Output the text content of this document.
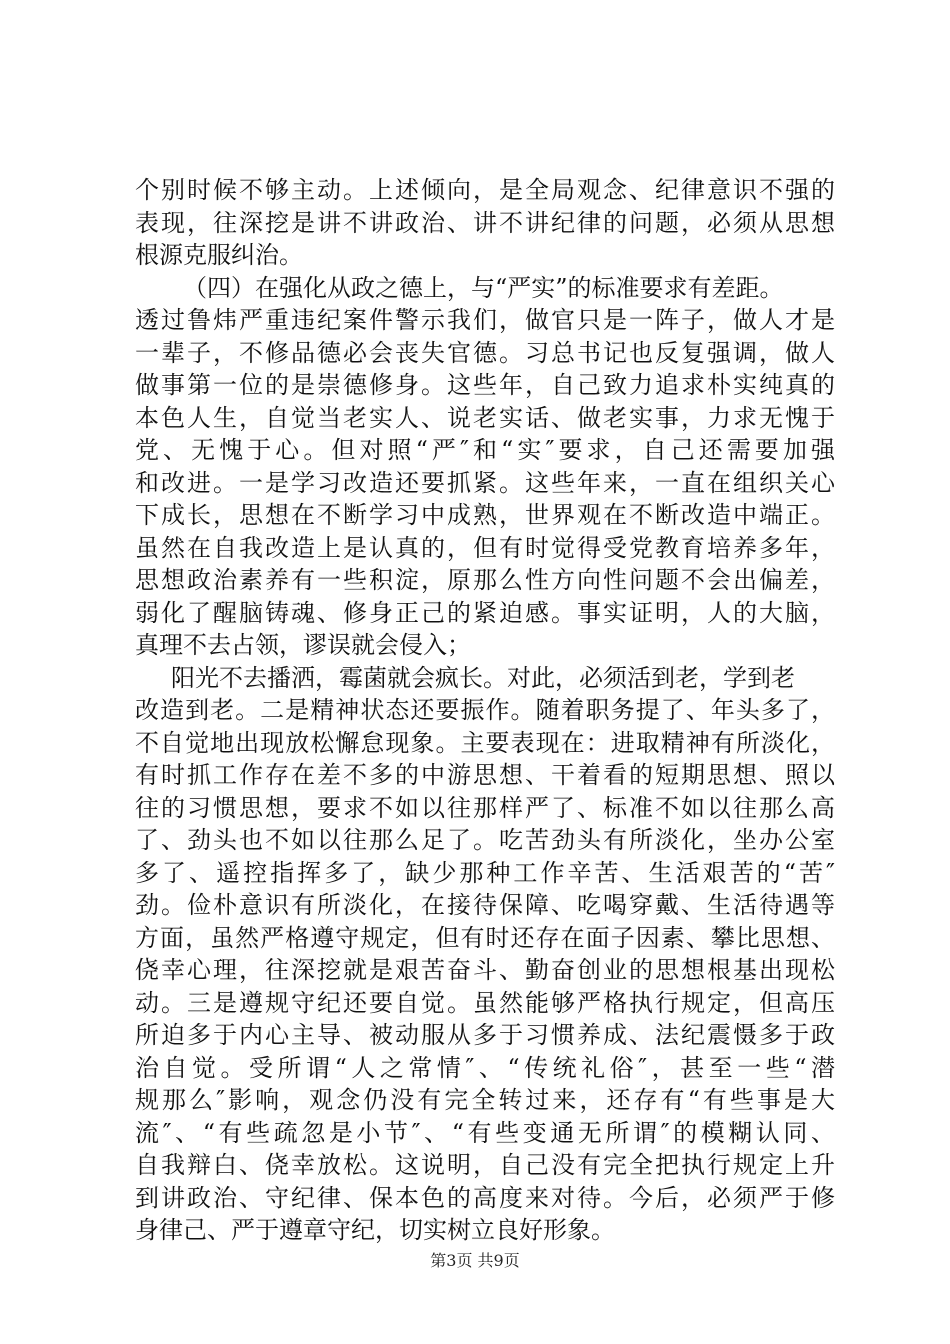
个别时候不够主动。上述倾向，是全局观念、纪律意识不强的
表现，往深挖是讲不讲政治、讲不讲纪律的问题，必须从思想
根源克服纠治。
（四）在强化从政之德上，与“严实”的标准要求有差距。
透过鲁炜严重违纪案件警示我们，做官只是一阵子，做人才是
一辈子，不修品德必会丧失官德。习总书记也反复强调，做人
做事第一位的是崇德修身。这些年，自己致力追求朴实纯真的
本色人生，自觉当老实人、说老实话、做老实事，力求无愧于
党、无愧于心。但对照“严″和“实″要求，自己还需要加强
和改进。一是学习改造还要抓紧。这些年来，一直在组织关心
下成长，思想在不断学习中成熟，世界观在不断改造中端正。
虽然在自我改造上是认真的，但有时觉得受党教育培养多年，
思想政治素养有一些积淀，原那么性方向性问题不会出偏差，
弱化了醒脑铸魂、修身正己的紧迫感。事实证明，人的大脑，
真理不去占领，谬误就会侵入；
阳光不去播洒，霉菌就会疯长。对此，必须活到老，学到老
改造到老。二是精神状态还要振作。随着职务提了、年头多了，
不自觉地出现放松懈怠现象。主要表现在：进取精神有所淡化，
有时抓工作存在差不多的中游思想、干着看的短期思想、照以
往的习惯思想，要求不如以往那样严了、标准不如以往那么高
了、劲头也不如以往那么足了。吃苦劲头有所淡化，坐办公室
多了、遥控指挥多了，缺少那种工作辛苦、生活艰苦的“苦″
劲。俭朴意识有所淡化，在接待保障、吃喝穿戴、生活待遇等
方面，虽然严格遵守规定，但有时还存在面子因素、攀比思想、
侥幸心理，往深挖就是艰苦奋斗、勤奋创业的思想根基出现松
动。三是遵规守纪还要自觉。虽然能够严格执行规定，但高压
所迫多于内心主导、被动服从多于习惯养成、法纪震慑多于政
治自觉。受所谓“人之常情″、“传统礼俗″，甚至一些“潜
规那么″影响，观念仍没有完全转过来，还存有“有些事是大
流″、“有些疏忽是小节″、“有些变通无所谓″的模糊认同、
自我辩白、侥幸放松。这说明，自己没有完全把执行规定上升
到讲政治、守纪律、保本色的高度来对待。今后，必须严于修
身律己、严于遵章守纪，切实树立良好形象。
第3页 共9页
